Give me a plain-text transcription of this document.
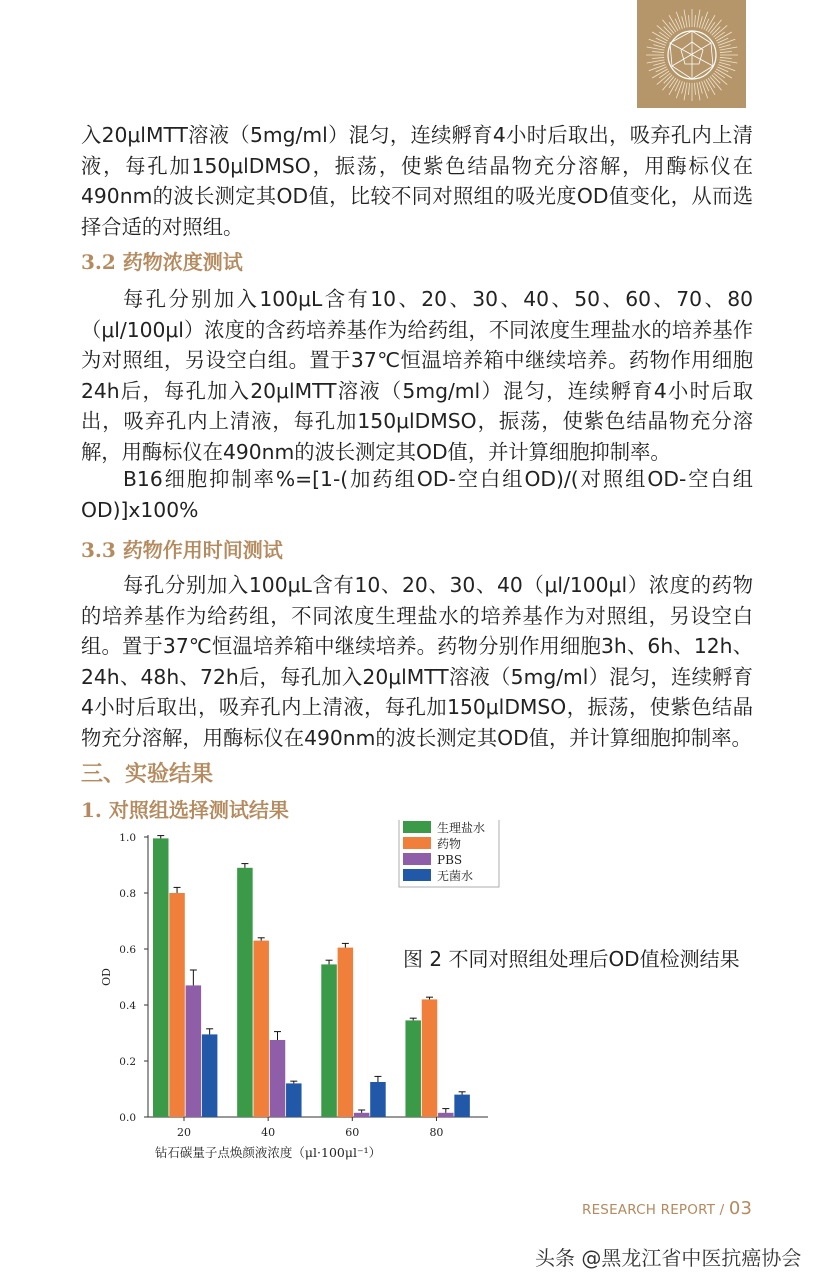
入20μlMTT溶液（5mg/ml）混匀，连续孵育4小时后取出，吸弃孔内上清液，每孔加150μlDMSO，振荡，使紫色结晶物充分溶解，用酶标仪在490nm的波长测定其OD值，比较不同对照组的吸光度OD值变化，从而选择合适的对照组。

3.2 药物浓度测试

每孔分别加入100μL含有10、20、30、40、50、60、70、80（μl/100μl）浓度的含药培养基作为给药组，不同浓度生理盐水的培养基作为对照组，另设空白组。置于37℃恒温培养箱中继续培养。药物作用细胞24h后，每孔加入20μlMTT溶液（5mg/ml）混匀，连续孵育4小时后取出，吸弃孔内上清液，每孔加150μlDMSO，振荡，使紫色结晶物充分溶解，用酶标仪在490nm的波长测定其OD值，并计算细胞抑制率。

B16细胞抑制率%=[1-(加药组OD-空白组OD)/(对照组OD-空白组OD)]x100%

3.3 药物作用时间测试

每孔分别加入100μL含有10、20、30、40（μl/100μl）浓度的药物的培养基作为给药组，不同浓度生理盐水的培养基作为对照组，另设空白组。置于37℃恒温培养箱中继续培养。药物分别作用细胞3h、6h、12h、24h、48h、72h后，每孔加入20μlMTT溶液（5mg/ml）混匀，连续孵育4小时后取出，吸弃孔内上清液，每孔加150μlDMSO，振荡，使紫色结晶物充分溶解，用酶标仪在490nm的波长测定其OD值，并计算细胞抑制率。

三、实验结果
1. 对照组选择测试结果
0.0
0.2
0.4
0.6
0.8
1.0
OD
20	40	60	80
钻石碳量子点焕颜液浓度（μl·100μl⁻¹）
生理盐水
药物
PBS
无菌水

图 2 不同对照组处理后OD值检测结果

RESEARCH REPORT / 03
头条 @黑龙江省中医抗癌协会
